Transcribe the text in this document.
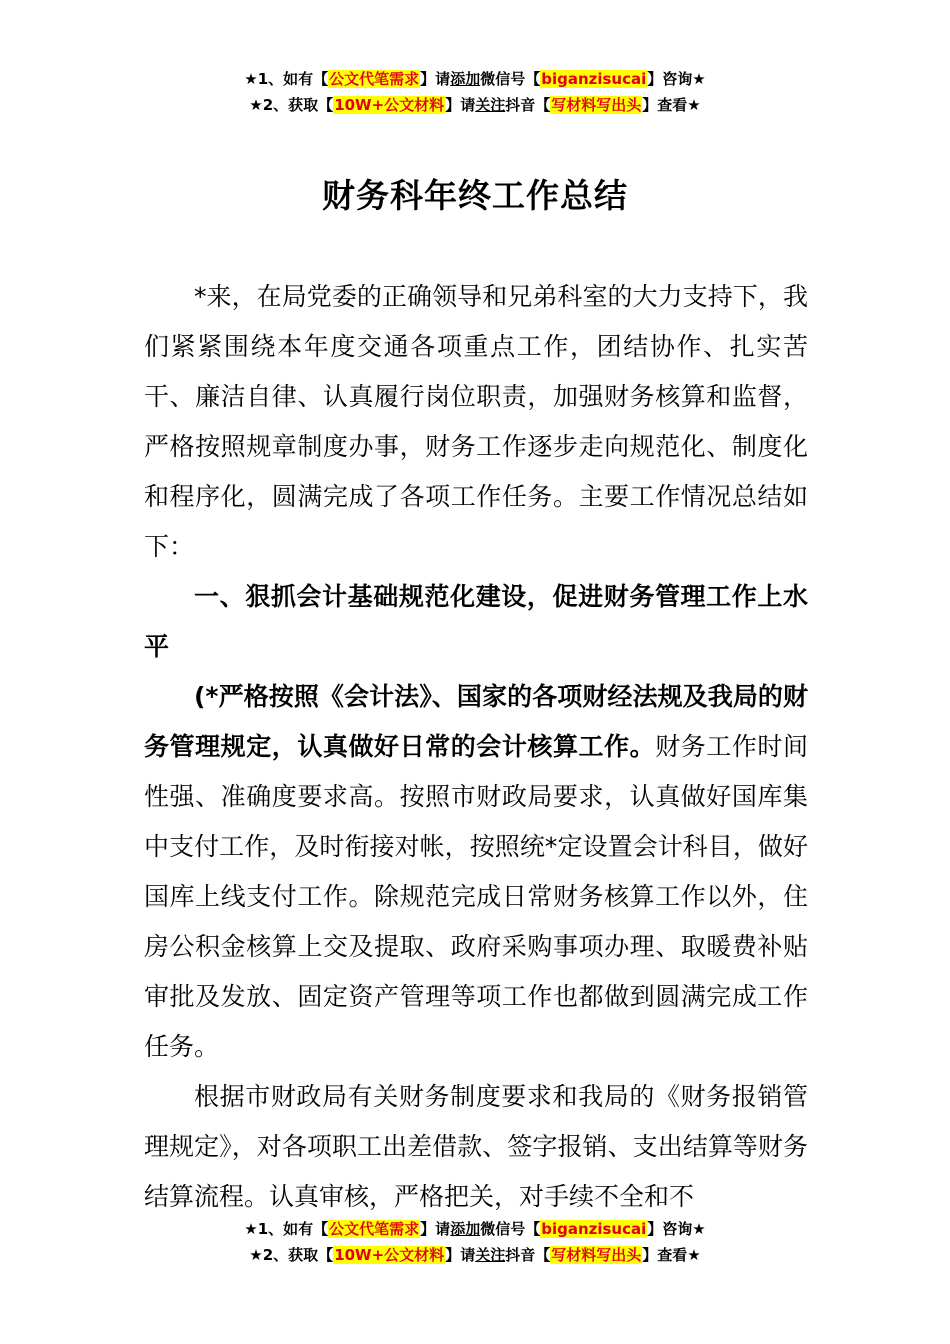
★1、如有【公文代笔需求】请添加微信号【biganzisucai】咨询★
★2、获取【10W+公文材料】请关注抖音【写材料写出头】查看★
财务科年终工作总结

*来，在局党委的正确领导和兄弟科室的大力支持下，我们紧紧围绕本年度交通各项重点工作，团结协作、扎实苦干、廉洁自律、认真履行岗位职责，加强财务核算和监督，严格按照规章制度办事，财务工作逐步走向规范化、制度化和程序化，圆满完成了各项工作任务。主要工作情况总结如下：

一、狠抓会计基础规范化建设，促进财务管理工作上水平

(*严格按照《会计法》、国家的各项财经法规及我局的财务管理规定，认真做好日常的会计核算工作。财务工作时间性强、准确度要求高。按照市财政局要求，认真做好国库集中支付工作，及时衔接对帐，按照统*定设置会计科目，做好国库上线支付工作。除规范完成日常财务核算工作以外，住房公积金核算上交及提取、政府采购事项办理、取暖费补贴审批及发放、固定资产管理等项工作也都做到圆满完成工作任务。

根据市财政局有关财务制度要求和我局的《财务报销管理规定》，对各项职工出差借款、签字报销、支出结算等财务结算流程。认真审核，严格把关，对手续不全和不

★1、如有【公文代笔需求】请添加微信号【biganzisucai】咨询★
★2、获取【10W+公文材料】请关注抖音【写材料写出头】查看★
